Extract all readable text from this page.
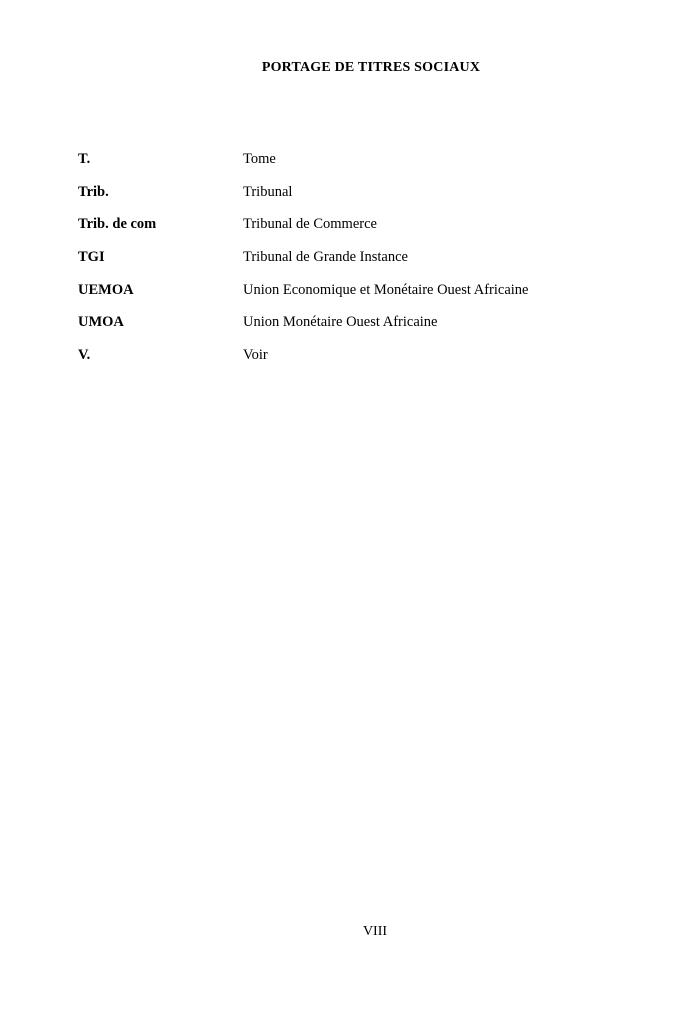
PORTAGE DE TITRES SOCIAUX
T.	Tome
Trib.	Tribunal
Trib. de com	Tribunal de Commerce
TGI	Tribunal de Grande Instance
UEMOA	Union Economique et Monétaire Ouest Africaine
UMOA	Union Monétaire Ouest Africaine
V.	Voir
VIII
